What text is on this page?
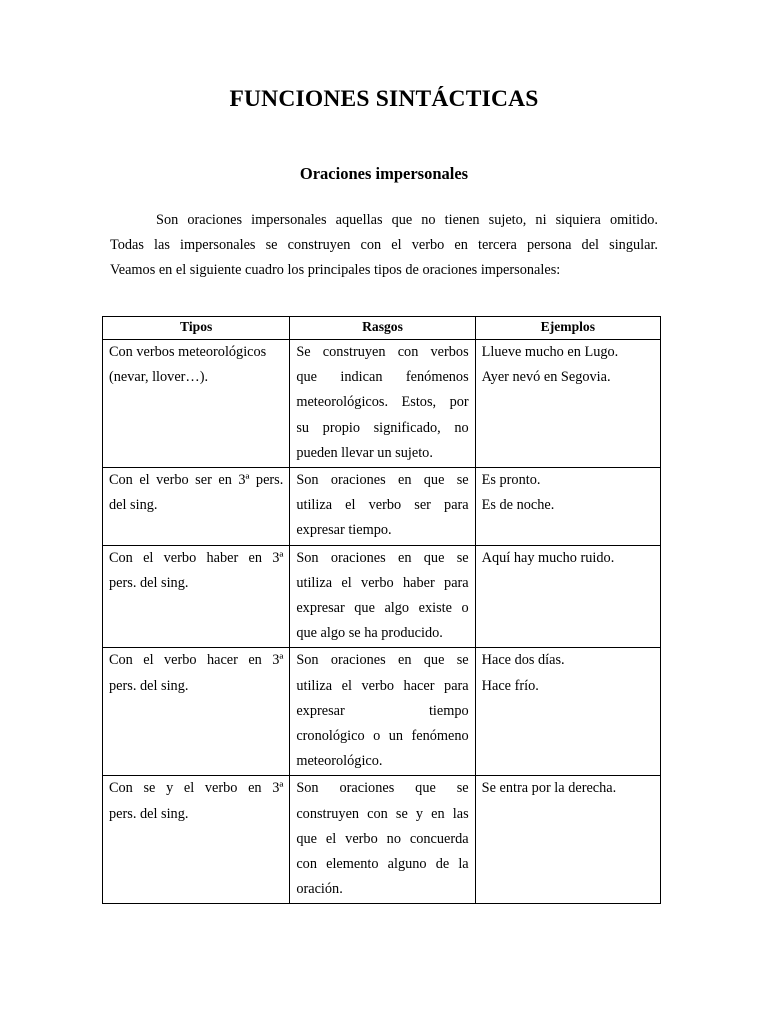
FUNCIONES SINTÁCTICAS
Oraciones impersonales
Son oraciones impersonales aquellas que no tienen sujeto, ni siquiera omitido.
Todas las impersonales se construyen con el verbo en tercera persona del singular.
Veamos en el siguiente cuadro los principales tipos de oraciones impersonales:
Tipos	Rasgos	Ejemplos

Con verbos meteorológicos
(nevar, llover…).	Se construyen con verbos
que indican fenómenos
meteorológicos. Estos, por
su propio significado, no
pueden llevar un sujeto.	Llueve mucho en Lugo.
Ayer nevó en Segovia.

Con el verbo ser en 3ª pers.
del sing.	Son oraciones en que se
utiliza el verbo ser para
expresar tiempo.	Es pronto.
Es de noche.

Con el verbo haber en 3ª
pers. del sing.	Son oraciones en que se
utiliza el verbo haber para
expresar que algo existe o
que algo se ha producido.	Aquí hay mucho ruido.

Con el verbo hacer en 3ª
pers. del sing.	Son oraciones en que se
utiliza el verbo hacer para
expresar tiempo
cronológico o un fenómeno
meteorológico.	Hace dos días.
Hace frío.

Con se y el verbo en 3ª
pers. del sing.	Son oraciones que se
construyen con se y en las
que el verbo no concuerda
con elemento alguno de la
oración.	Se entra por la derecha.
